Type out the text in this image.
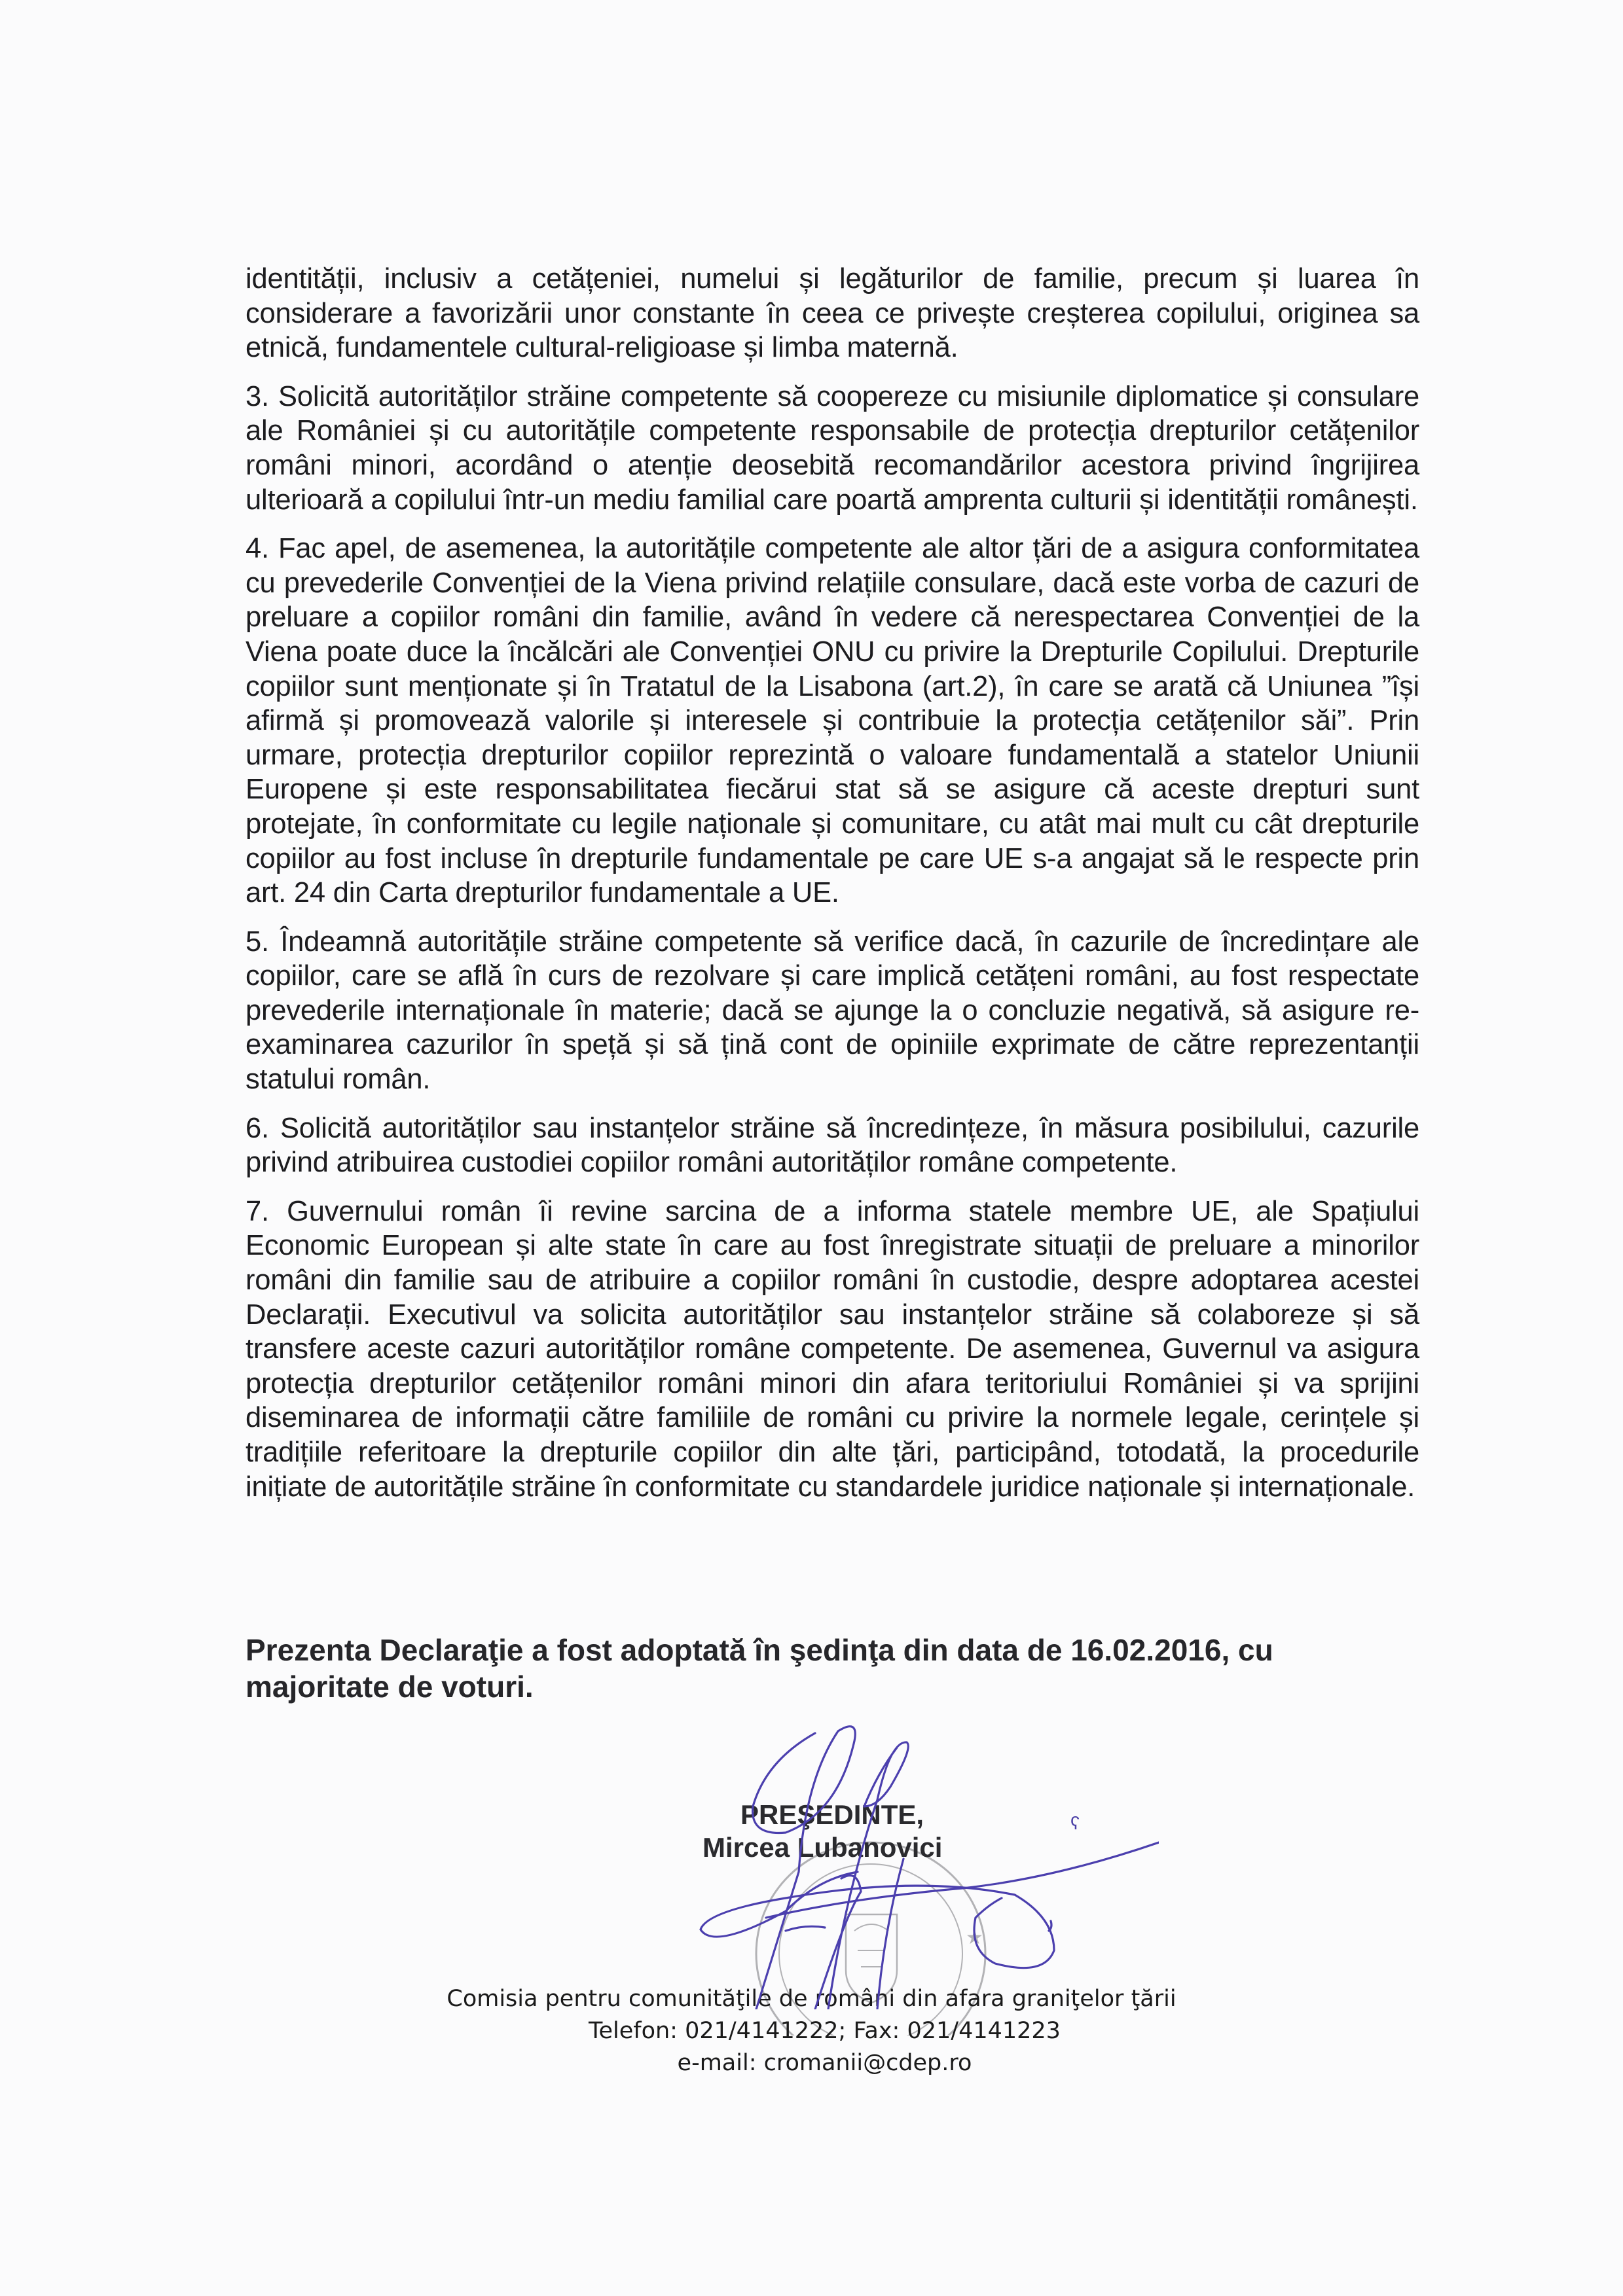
identității, inclusiv a cetățeniei, numelui și legăturilor de familie, precum și luarea în considerare a favorizării unor constante în ceea ce privește creșterea copilului, originea sa etnică, fundamentele cultural-religioase și limba maternă.

3. Solicită autorităților străine competente să coopereze cu misiunile diplomatice și consulare ale României și cu autoritățile competente responsabile de protecția drepturilor cetățenilor români minori, acordând o atenție deosebită recomandărilor acestora privind îngrijirea ulterioară a copilului într-un mediu familial care poartă amprenta culturii și identității românești.

4. Fac apel, de asemenea, la autoritățile competente ale altor țări de a asigura conformitatea cu prevederile Convenției de la Viena privind relațiile consulare, dacă este vorba de cazuri de preluare a copiilor români din familie, având în vedere că nerespectarea Convenției de la Viena poate duce la încălcări ale Convenției ONU cu privire la Drepturile Copilului. Drepturile copiilor sunt menționate și în Tratatul de la Lisabona (art.2), în care se arată că Uniunea ”își afirmă și promovează valorile și interesele și contribuie la protecția cetățenilor săi”. Prin urmare, protecția drepturilor copiilor reprezintă o valoare fundamentală a statelor Uniunii Europene și este responsabilitatea fiecărui stat să se asigure că aceste drepturi sunt protejate, în conformitate cu legile naționale și comunitare, cu atât mai mult cu cât drepturile copiilor au fost incluse în drepturile fundamentale pe care UE s-a angajat să le respecte prin art. 24 din Carta drepturilor fundamentale a UE.

5. Îndeamnă autoritățile străine competente să verifice dacă, în cazurile de încredințare ale copiilor, care se află în curs de rezolvare și care implică cetățeni români, au fost respectate prevederile internaționale în materie; dacă se ajunge la o concluzie negativă, să asigure re-examinarea cazurilor în speță și să țină cont de opiniile exprimate de către reprezentanții statului român.

6. Solicită autorităților sau instanțelor străine să încredințeze, în măsura posibilului, cazurile privind atribuirea custodiei copiilor români autorităților române competente.

7. Guvernului român îi revine sarcina de a informa statele membre UE, ale Spațiului Economic European și alte state în care au fost înregistrate situații de preluare a minorilor români din familie sau de atribuire a copiilor români în custodie, despre adoptarea acestei Declarații. Executivul va solicita autorităților sau instanțelor străine să colaboreze și să transfere aceste cazuri autorităților române competente. De asemenea, Guvernul va asigura protecția drepturilor cetățenilor români minori din afara teritoriului României și va sprijini diseminarea de informații către familiile de români cu privire la normele legale, cerințele și tradițiile referitoare la drepturile copiilor din alte țări, participând, totodată, la procedurile inițiate de autoritățile străine în conformitate cu standardele juridice naționale și internaționale.

Prezenta Declaraţie a fost adoptată în şedinţa din data de 16.02.2016, cu majoritate de voturi.
★
PREŞEDINTE,
Mircea Lubanovici
ʕ
Comisia pentru comunităţile de români din afara graniţelor ţării
Telefon: 021/4141222; Fax: 021/4141223
e-mail: cromanii@cdep.ro
